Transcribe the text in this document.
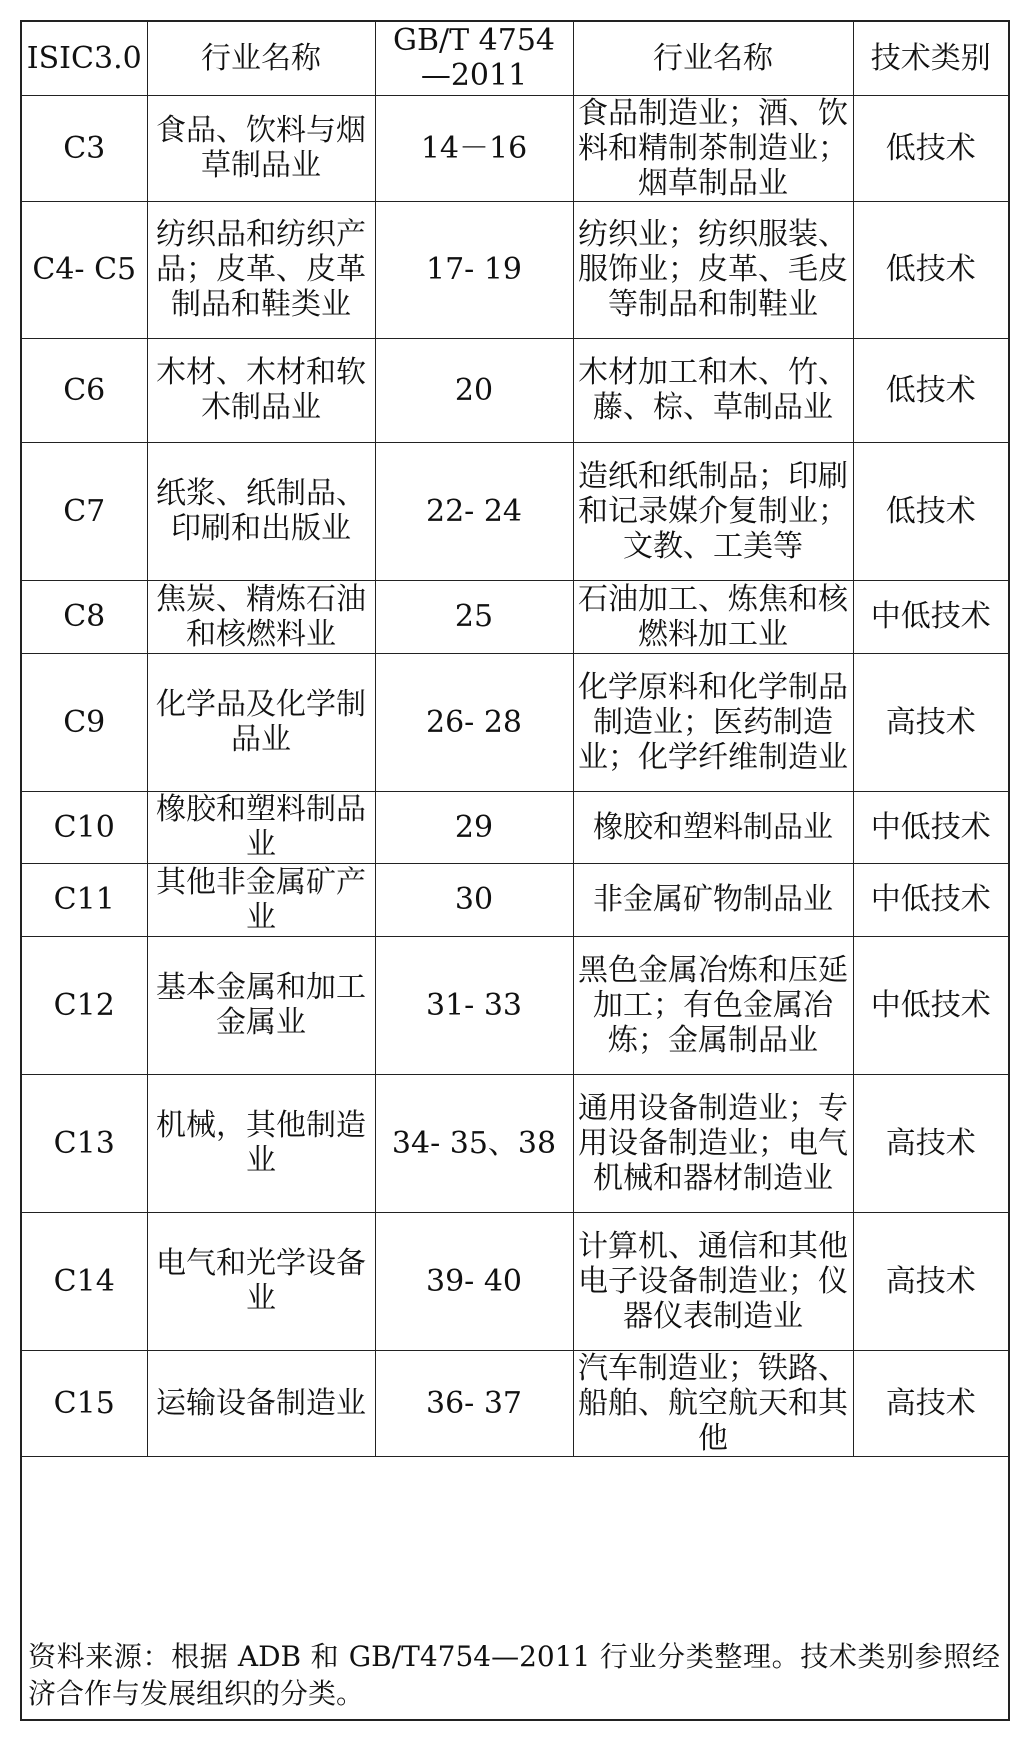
ISIC3.0	行业名称	GB/T 4754—2011	行业名称	技术类别
C3	食品、饮料与烟草制品业	14－16	食品制造业；酒、饮料和精制茶制造业；烟草制品业	低技术
C4- C5	纺织品和纺织产品；皮革、皮革制品和鞋类业	17- 19	纺织业；纺织服装、服饰业；皮革、毛皮等制品和制鞋业	低技术
C6	木材、木材和软木制品业	20	木材加工和木、竹、藤、棕、草制品业	低技术
C7	纸浆、纸制品、印刷和出版业	22- 24	造纸和纸制品；印刷和记录媒介复制业；文教、工美等	低技术
C8	焦炭、精炼石油和核燃料业	25	石油加工、炼焦和核燃料加工业	中低技术
C9	化学品及化学制品业	26- 28	化学原料和化学制品制造业；医药制造业；化学纤维制造业	高技术
C10	橡胶和塑料制品业	29	橡胶和塑料制品业	中低技术
C11	其他非金属矿产业	30	非金属矿物制品业	中低技术
C12	基本金属和加工金属业	31- 33	黑色金属冶炼和压延加工；有色金属冶炼；金属制品业	中低技术
C13	机械，其他制造业	34- 35、38	通用设备制造业；专用设备制造业；电气机械和器材制造业	高技术
C14	电气和光学设备业	39- 40	计算机、通信和其他电子设备制造业；仪器仪表制造业	高技术
C15	运输设备制造业	36- 37	汽车制造业；铁路、船舶、航空航天和其他	高技术
资料来源：根据 ADB 和 GB/T4754—2011 行业分类整理。技术类别参照经济合作与发展组织的分类。
